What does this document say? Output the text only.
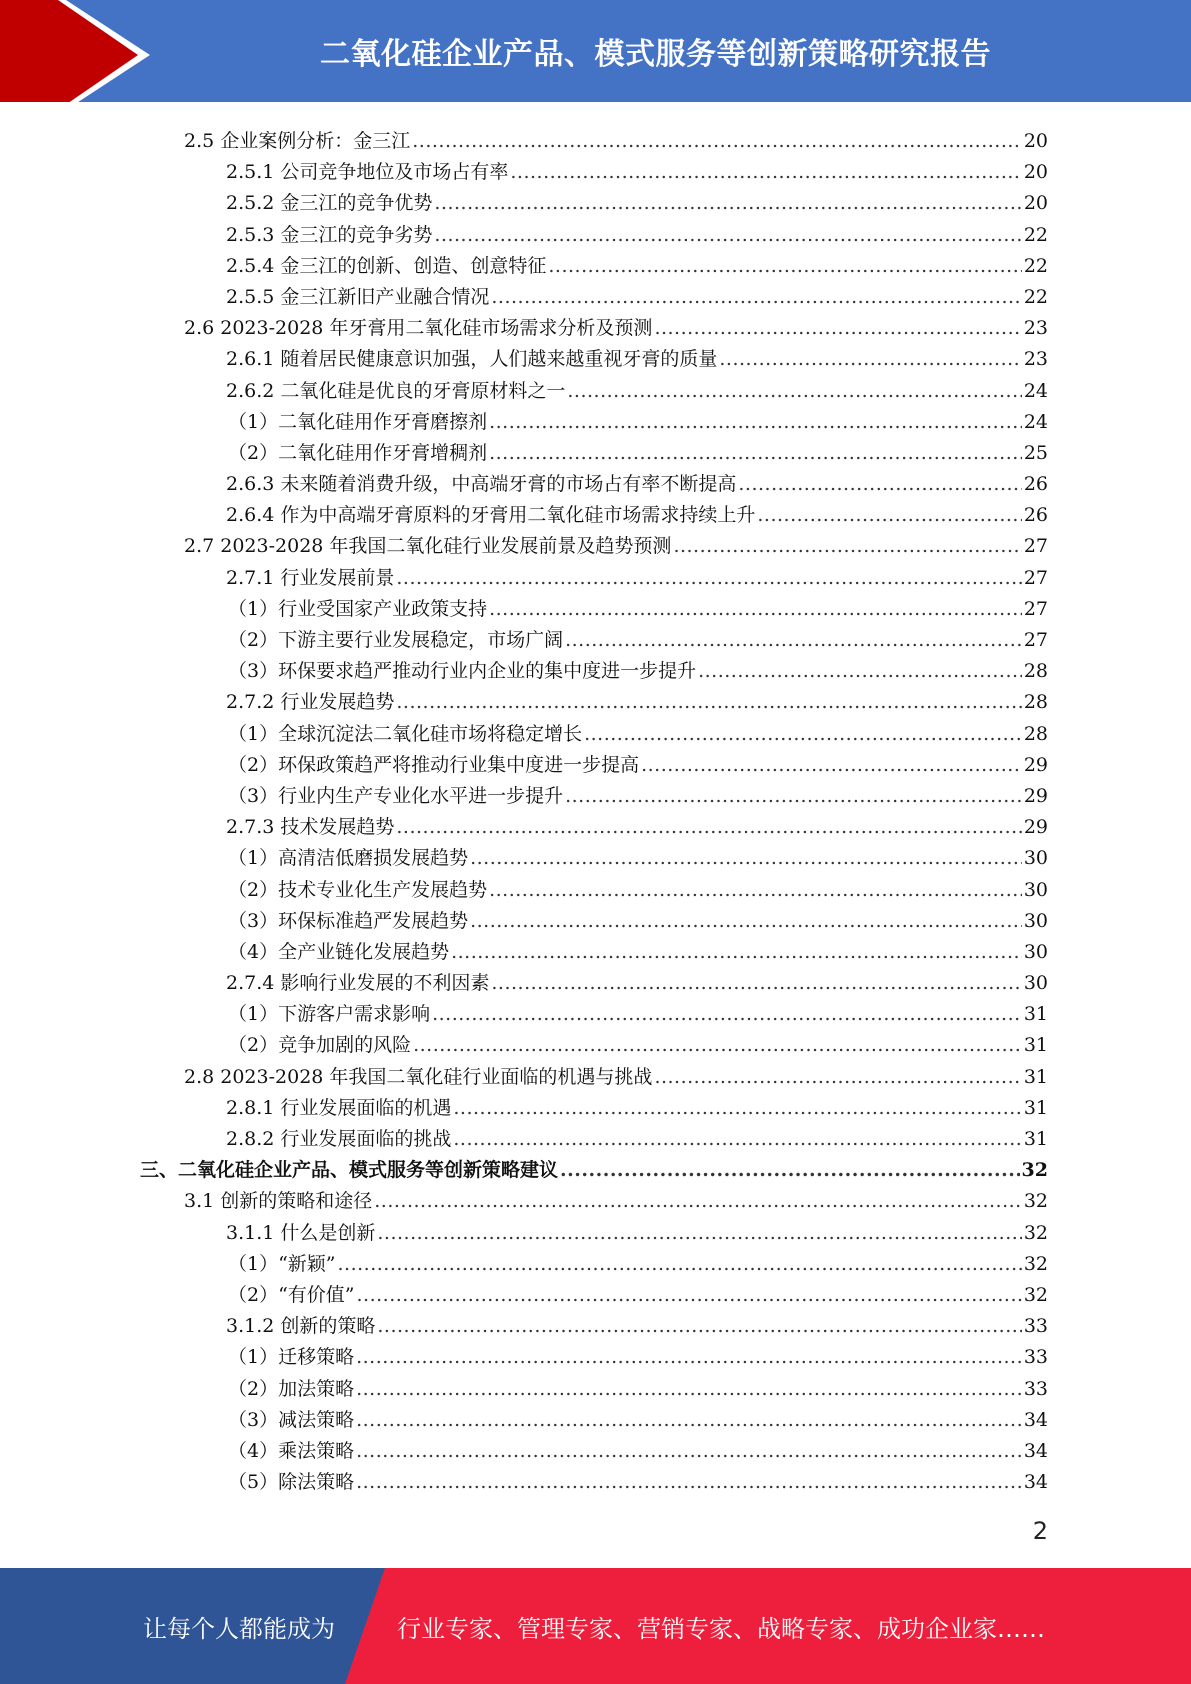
二氧化硅企业产品、模式服务等创新策略研究报告
2.5 企业案例分析：金三江 .....	20
2.5.1 公司竞争地位及市场占有率 .....	20
2.5.2 金三江的竞争优势 .....	20
2.5.3 金三江的竞争劣势 .....	22
2.5.4 金三江的创新、创造、创意特征 .....	22
2.5.5 金三江新旧产业融合情况 .....	22
2.6 2023-2028 年牙膏用二氧化硅市场需求分析及预测 .....	23
2.6.1 随着居民健康意识加强，人们越来越重视牙膏的质量 .....	23
2.6.2 二氧化硅是优良的牙膏原材料之一 .....	24
（1）二氧化硅用作牙膏磨擦剂 .....	24
（2）二氧化硅用作牙膏增稠剂 .....	25
2.6.3 未来随着消费升级，中高端牙膏的市场占有率不断提高 .....	26
2.6.4 作为中高端牙膏原料的牙膏用二氧化硅市场需求持续上升 .....	26
2.7 2023-2028 年我国二氧化硅行业发展前景及趋势预测 .....	27
2.7.1 行业发展前景 .....	27
（1）行业受国家产业政策支持 .....	27
（2）下游主要行业发展稳定，市场广阔 .....	27
（3）环保要求趋严推动行业内企业的集中度进一步提升 .....	28
2.7.2 行业发展趋势 .....	28
（1）全球沉淀法二氧化硅市场将稳定增长 .....	28
（2）环保政策趋严将推动行业集中度进一步提高 .....	29
（3）行业内生产专业化水平进一步提升 .....	29
2.7.3 技术发展趋势 .....	29
（1）高清洁低磨损发展趋势 .....	30
（2）技术专业化生产发展趋势 .....	30
（3）环保标准趋严发展趋势 .....	30
（4）全产业链化发展趋势 .....	30
2.7.4 影响行业发展的不利因素 .....	30
（1）下游客户需求影响 .....	31
（2）竞争加剧的风险 .....	31
2.8 2023-2028 年我国二氧化硅行业面临的机遇与挑战 .....	31
2.8.1 行业发展面临的机遇 .....	31
2.8.2 行业发展面临的挑战 .....	31
三、二氧化硅企业产品、模式服务等创新策略建议 .....	32
3.1 创新的策略和途径 .....	32
3.1.1 什么是创新 .....	32
（1）“新颖” .....	32
（2）“有价值” .....	32
3.1.2 创新的策略 .....	33
（1）迁移策略 .....	33
（2）加法策略 .....	33
（3）减法策略 .....	34
（4）乘法策略 .....	34
（5）除法策略 .....	34
2
让每个人都能成为	行业专家、管理专家、营销专家、战略专家、成功企业家……
